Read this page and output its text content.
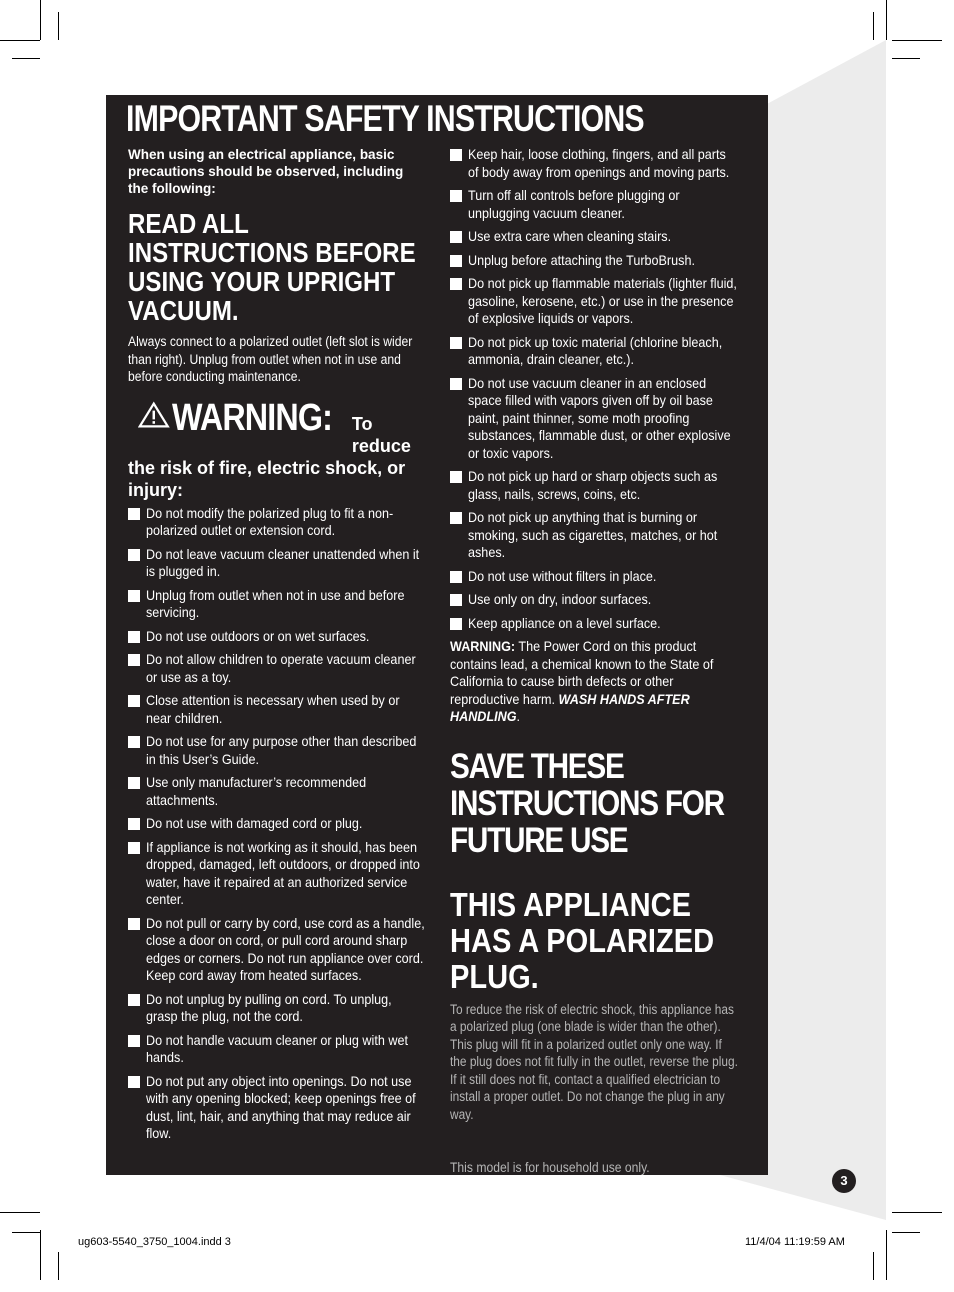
IMPORTANT SAFETY INSTRUCTIONS

When using an electrical appliance, basic precautions should be observed, including the following:

READ ALL INSTRUCTIONS BEFORE USING YOUR UPRIGHT VACUUM.

Always connect to a polarized outlet (left slot is wider than right). Unplug from outlet when not in use and before conducting maintenance.

WARNING: To reduce

the risk of fire, electric shock, or injury:

Do not modify the polarized plug to fit a non-polarized outlet or extension cord.
Do not leave vacuum cleaner unattended when it is plugged in.
Unplug from outlet when not in use and before servicing.
Do not use outdoors or on wet surfaces.
Do not allow children to operate vacuum cleaner or use as a toy.
Close attention is necessary when used by or near children.
Do not use for any purpose other than described in this User’s Guide.
Use only manufacturer’s recommended attachments.
Do not use with damaged cord or plug.
If appliance is not working as it should, has been dropped, damaged, left outdoors, or dropped into water, have it repaired at an authorized service center.
Do not pull or carry by cord, use cord as a handle, close a door on cord, or pull cord around sharp edges or corners. Do not run appliance over cord. Keep cord away from heated surfaces.
Do not unplug by pulling on cord. To unplug, grasp the plug, not the cord.
Do not handle vacuum cleaner or plug with wet hands.
Do not put any object into openings. Do not use with any opening blocked; keep openings free of dust, lint, hair, and anything that may reduce air flow.
Keep hair, loose clothing, fingers, and all parts of body away from openings and moving parts.
Turn off all controls before plugging or unplugging vacuum cleaner.
Use extra care when cleaning stairs.
Unplug before attaching the TurboBrush.
Do not pick up flammable materials (lighter fluid, gasoline, kerosene, etc.) or use in the presence of explosive liquids or vapors.
Do not pick up toxic material (chlorine bleach, ammonia, drain cleaner, etc.).
Do not use vacuum cleaner in an enclosed space filled with vapors given off by oil base paint, paint thinner, some moth proofing substances, flammable dust, or other explosive or toxic vapors.
Do not pick up hard or sharp objects such as glass, nails, screws, coins, etc.
Do not pick up anything that is burning or smoking, such as cigarettes, matches, or hot ashes.
Do not use without filters in place.
Use only on dry, indoor surfaces.
Keep appliance on a level surface.

WARNING: The Power Cord on this product contains lead, a chemical known to the State of California to cause birth defects or other reproductive harm. WASH HANDS AFTER HANDLING.

SAVE THESE INSTRUCTIONS FOR FUTURE USE
THIS APPLIANCE HAS A POLARIZED PLUG.

To reduce the risk of electric shock, this appliance has a polarized plug (one blade is wider than the other). This plug will fit in a polarized outlet only one way. If the plug does not fit fully in the outlet, reverse the plug. If it still does not fit, contact a qualified electrician to install a proper outlet. Do not change the plug in any way.

This model is for household use only.

3
ug603-5540_3750_1004.indd 3	11/4/04 11:19:59 AM
